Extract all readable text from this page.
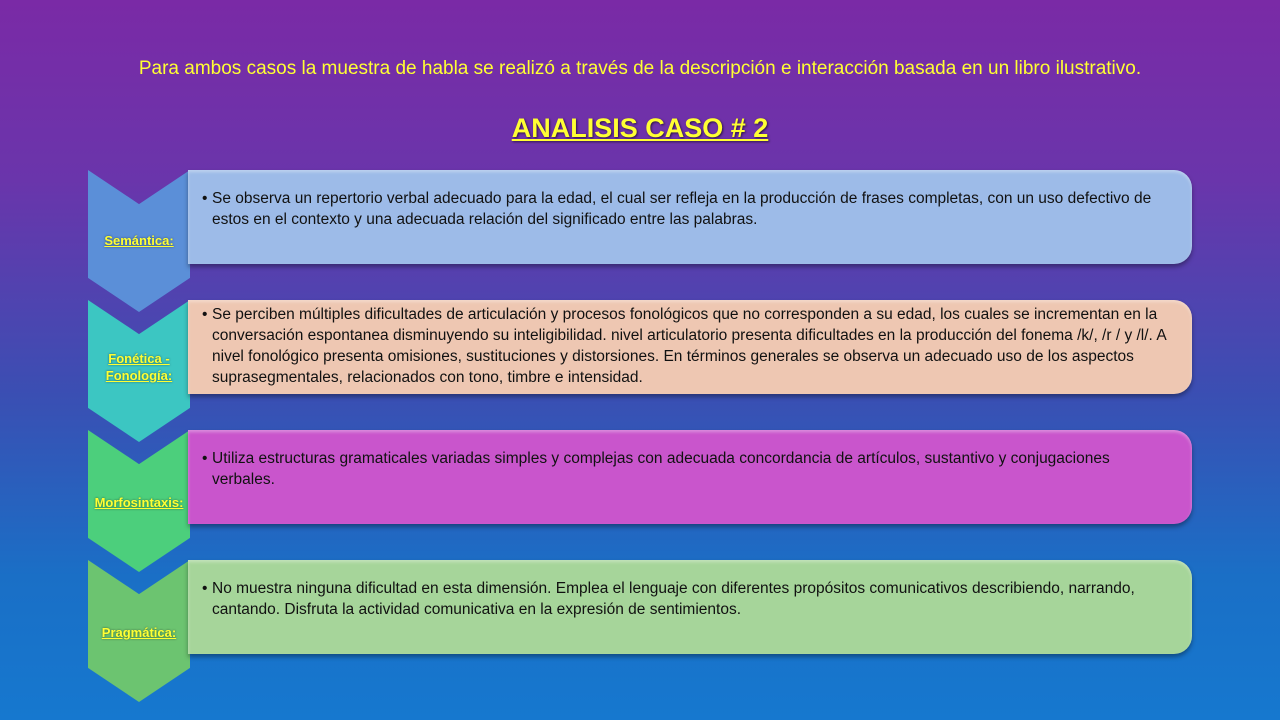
Para ambos casos la muestra de habla se realizó a través de la descripción e interacción basada en un libro ilustrativo.
ANALISIS CASO # 2
Semántica:
• Se observa un repertorio verbal adecuado para la edad, el cual ser refleja en la producción de frases completas, con un uso defectivo de estos en el contexto y una adecuada relación del significado entre las palabras.
Fonética - Fonología:
• Se perciben múltiples dificultades de articulación y procesos fonológicos que no corresponden a su edad, los cuales se incrementan en la conversación espontanea disminuyendo su inteligibilidad. nivel articulatorio presenta dificultades en la producción del fonema /k/, /r / y /l/. A nivel fonológico presenta omisiones, sustituciones y distorsiones. En términos generales se observa un adecuado uso de los aspectos suprasegmentales, relacionados con tono, timbre e intensidad.
Morfosintaxis:
• Utiliza estructuras gramaticales variadas simples y complejas con adecuada concordancia de artículos, sustantivo y conjugaciones verbales.
Pragmática:
• No muestra ninguna dificultad en esta dimensión. Emplea el lenguaje con diferentes propósitos comunicativos describiendo, narrando, cantando. Disfruta la actividad comunicativa en la expresión de sentimientos.
